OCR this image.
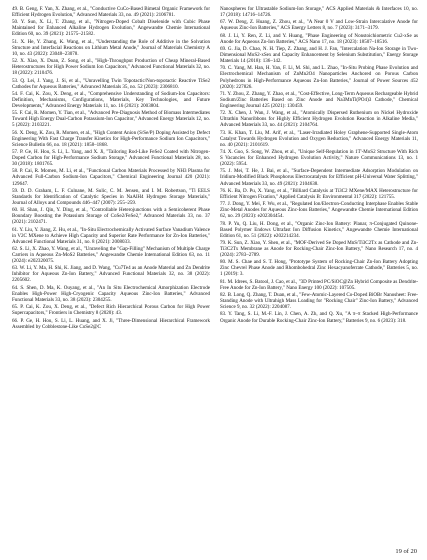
49. B. Geng, F. Yan, X. Zhang, et al., "Conductive CuCo-Based Bimetal Organic Framework for Efficient Hydrogen Evolution," Advanced Materials 33, no. 49 (2021): 2106781.

50. Y. Sun, X. Li, T. Zhang, et al., "Nitrogen-Doped Cobalt Diselenide with Cubic Phase Maintained for Enhanced Alkaline Hydrogen Evolution," Angewandte Chemie International Edition 60, no. 39 (2021): 21575–21582.

51. X. He, Y. Zhang, K. Wang, et al., "Understanding the Role of Additive in the Solvation Structure and Interfacial Reactions on Lithium Metal Anode," Journal of Materials Chemistry A 10, no. 43 (2022): 23048–23078.

52. X. Xiao, X. Duan, Z. Song, et al., "High-Throughput Production of Cheap Mineral-Based Heterostructures for High Power Sodium Ion Capacitors," Advanced Functional Materials 32, no. 18 (2022): 2110476.

53. Q. Lei, J. Yang, J. Si, et al., "Unravelling Twin Topotactic/Non-topotactic Reactive TiSe2 Cathodes for Aqueous Batteries," Advanced Materials 35, no. 52 (2023): 2306810.

54. F. Cai, K. Zou, X. Deng, et al., "Comprehensive Understanding of Sodium-Ion Capacitors: Definition, Mechanisms, Configurations, Materials, Key Technologies, and Future Developments," Advanced Energy Materials 11, no. 16 (2021): 2003804.

55. F. Cai, R. Momen, Y. Tian, et al., "Advanced Pre-Diagnosis Method of Biomass Intermediates Toward High Energy Dual-Carbon Potassium-Ion Capacitor," Advanced Energy Materials 12, no. 5 (2022): 2103221.

56. X. Deng, K. Zou, R. Momen, et al., "High Content Anion (S/Se/P) Doping Assisted by Defect Engineering With Fast Charge Transfer Kinetics for High-Performance Sodium Ion Capacitors," Science Bulletin 66, no. 18 (2021): 1858–1868.

57. P. Ge, H. Hou, S. Li, L. Yang, and X. Ji, "Tailoring Rod-Like FeSe2 Coated with Nitrogen-Doped Carbon for High-Performance Sodium Storage," Advanced Functional Materials 28, no. 30 (2018): 1801765.

58. P. Cai, R. Momen, M. Li, et al., "Functional Carbon Materials Processed by NH3 Plasma for Advanced Full-Carbon Sodium-Ion Capacitors," Chemical Engineering Journal 420 (2021): 129647.

59. D. D. Graham, L. F. Culnane, M. Sulic, C. M. Jensen, and I. M. Robertson, "Ti EELS Standards for Identification of Catalytic Species in NaAlH4 Hydrogen Storage Materials," Journal of Alloys and Compounds 446–447 (2007): 255–259.

60. H. Shan, J. Qin, Y. Ding, et al., "Controllable Heterojunctions with a Semicoherent Phase Boundary Boosting the Potassium Storage of CoSe2/FeSe2," Advanced Materials 33, no. 37 (2021): 2102471.

61. Y. Liu, Y. Jiang, Z. Hu, et al., "In-Situ Electrochemically Activated Surface Vanadium Valence in V2C MXene to Achieve High Capacity and Superior Rate Performance for Zn-Ion Batteries," Advanced Functional Materials 31, no. 8 (2021): 2008033.

62. S. Li, X. Zhao, Y. Wang, et al., "Unraveling the "Gap-Filling" Mechanism of Multiple Charge Carriers in Aqueous Zn-MoS2 Batteries," Angewandte Chemie International Edition 63, no. 11 (2024): e202320075.

63. W. Li, Y. Ma, H. Shi, K. Jiang, and D. Wang, "Cu7Te4 as an Anode Material and Zn Dendrite Inhibitor for Aqueous Zn-Ion Battery," Advanced Functional Materials 32, no. 38 (2022): 2205602.

64. S. Shen, D. Ma, K. Ouyang, et al., "An In Situ Electrochemical Amorphization Electrode Enables High-Power High-Cryogenic Capacity Aqueous Zinc-Ion Batteries," Advanced Functional Materials 33, no. 38 (2023): 2304255.

65. P. Cai, K. Zou, X. Deng, et al., "Defect Rich Hierarchical Porous Carbon for High Power Supercapacitors," Frontiers in Chemistry 8 (2020): 43.

66. P. Ge, H. Hou, S. Li, L. Huang, and X. Ji, "Three-Dimensional Hierarchical Framework Assembled by Cobblestone-Like CoSe2@C

Nanospheres for Ultrastable Sodium-Ion Storage," ACS Applied Materials & Interfaces 10, no. 17 (2018): 14716–14726.

67. W. Deng, Z. Huang, Z. Zhou, et al., "A Near 0 V and Low-Strain Intercalative Anode for Aqueous Zinc-Ion Batteries," ACS Energy Letters 8, no. 7 (2023): 3171–3179.

68. J. Li, Y. Ren, Z. Li, and Y. Huang, "Phase Engineering of Nonstoichiometric Cu2-xSe as Anode for Aqueous Zn-Ion Batteries," ACS Nano 17, no. 18 (2023): 18507–18516.

69. G. Jia, D. Chao, N. H. Tiep, Z. Zhang, and H. J. Fan, "Intercalation Na-Ion Storage in Two-Dimensional MoS2-xSex and Capacity Enhancement by Selenium Substitution," Energy Storage Materials 14 (2018): 136–142.

70. C. Yang, M. Han, H. Yan, F. Li, M. Shi, and L. Zhao, "In-Situ Probing Phase Evolution and Electrochemical Mechanism of ZnMn2O4 Nanoparticles Anchored on Porous Carbon Polyhedrons in High-Performance Aqueous Zn-Ion Batteries," Journal of Power Sources 452 (2020): 227826.

71. Y. Zhou, Z. Zhang, Y. Zhao, et al., "Cost-Effective, Long-Term Aqueous Rechargeable Hybrid Sodium/Zinc Batteries Based on Zinc Anode and Na3MnTi(PO4)3 Cathode," Chemical Engineering Journal 425 (2021): 130459.

72. X. Chen, J. Wan, J. Wang, et al., "Atomically Dispersed Ruthenium on Nickel Hydroxide Ultrathin Nanoribbons for Highly Efficient Hydrogen Evolution Reaction in Alkaline Media," Advanced Materials 33, no. 44 (2021): 2104764.

73. K. Khan, T. Liu, M. Arif, et al., "Laser-Irradiated Holey Graphene-Supported Single-Atom Catalyst Towards Hydrogen Evolution and Oxygen Reduction," Advanced Energy Materials 11, no. 40 (2021): 2101619.

74. X. Guo, S. Song, W. Zhou, et al., "Unique Self-Regulation in 1T'-MoS2 Structure With Rich S Vacancies for Enhanced Hydrogen Evolution Activity," Nature Communications 13, no. 1 (2022): 5954.

75. J. Mei, T. He, J. Bai, et al., "Surface-Dependent Intermediate Adsorption Modulation on Iridium-Modified Black Phosphorus Electrocatalysts for Efficient pH-Universal Water Splitting," Advanced Materials 33, no. 49 (2021): 2104638.

76. K. Ba, D. Pu, X. Yang, et al., "Billiard Catalysis at Ti3C2 MXene/MAX Heterostructure for Efficient Nitrogen Fixation," Applied Catalysis B: Environmental 317 (2022): 121755.

77. J. Dong, Y. Mei, F. Wu, et al., "Regulated Ion/Electron-Conducting Interphase Enables Stable Zinc-Metal Anodes for Aqueous Zinc-Ions Batteries," Angewandte Chemie International Edition 62, no. 29 (2023): e202304454.

78. P. Yu, Q. Liu, H. Dong, et al., "Organic Zinc-Ion Battery: Planar, π-Conjugated Quinone-Based Polymer Endows Ultrafast Ion Diffusion Kinetics," Angewandte Chemie International Edition 61, no. 51 (2022): e202214234.

79. K. Sun, Z. Xiao, Y. Shen, et al., "MOF-Derived Se Doped MnS/Ti3C2Tx as Cathode and Zn-Ti3C2Tx Membrane as Anode for Rocking-Chair Zinc-Ion Battery," Nano Research 17, no. 4 (2024): 2783–2789.

80. M. S. Chae and S. T. Hong, "Prototype System of Rocking-Chair Zn-Ion Battery Adopting Zinc Chevrel Phase Anode and Rhombohedral Zinc Hexacyanoferrate Cathode," Batteries 5, no. 1 (2019): 3.

81. M. Idrees, S. Batool, J. Cao, et al., "3D Printed PC/SiOC@Zn Hybrid Composite as Dendrite-Free Anode for Zn-Ion Battery," Nano Energy 100 (2022): 107505.

82. B. Long, Q. Zhang, T. Duan, et al., "Few-Atomic-Layered Co-Doped BiOBr Nanosheet: Free-Standing Anode with Ultrahigh Mass Loading for "Rocking Chair" Zinc-Ion Battery," Advanced Science 9, no. 32 (2022): 2204087.

83. Y. Tang, S. Li, M.-F. Lin, J. Chen, A. Zh, and Q. Xu, "A π–π Stacked High-Performance Organic Anode for Durable Rocking-Chair Zinc-Ion Battery," Batteries 9, no. 6 (2023): 318.

19 of 20
